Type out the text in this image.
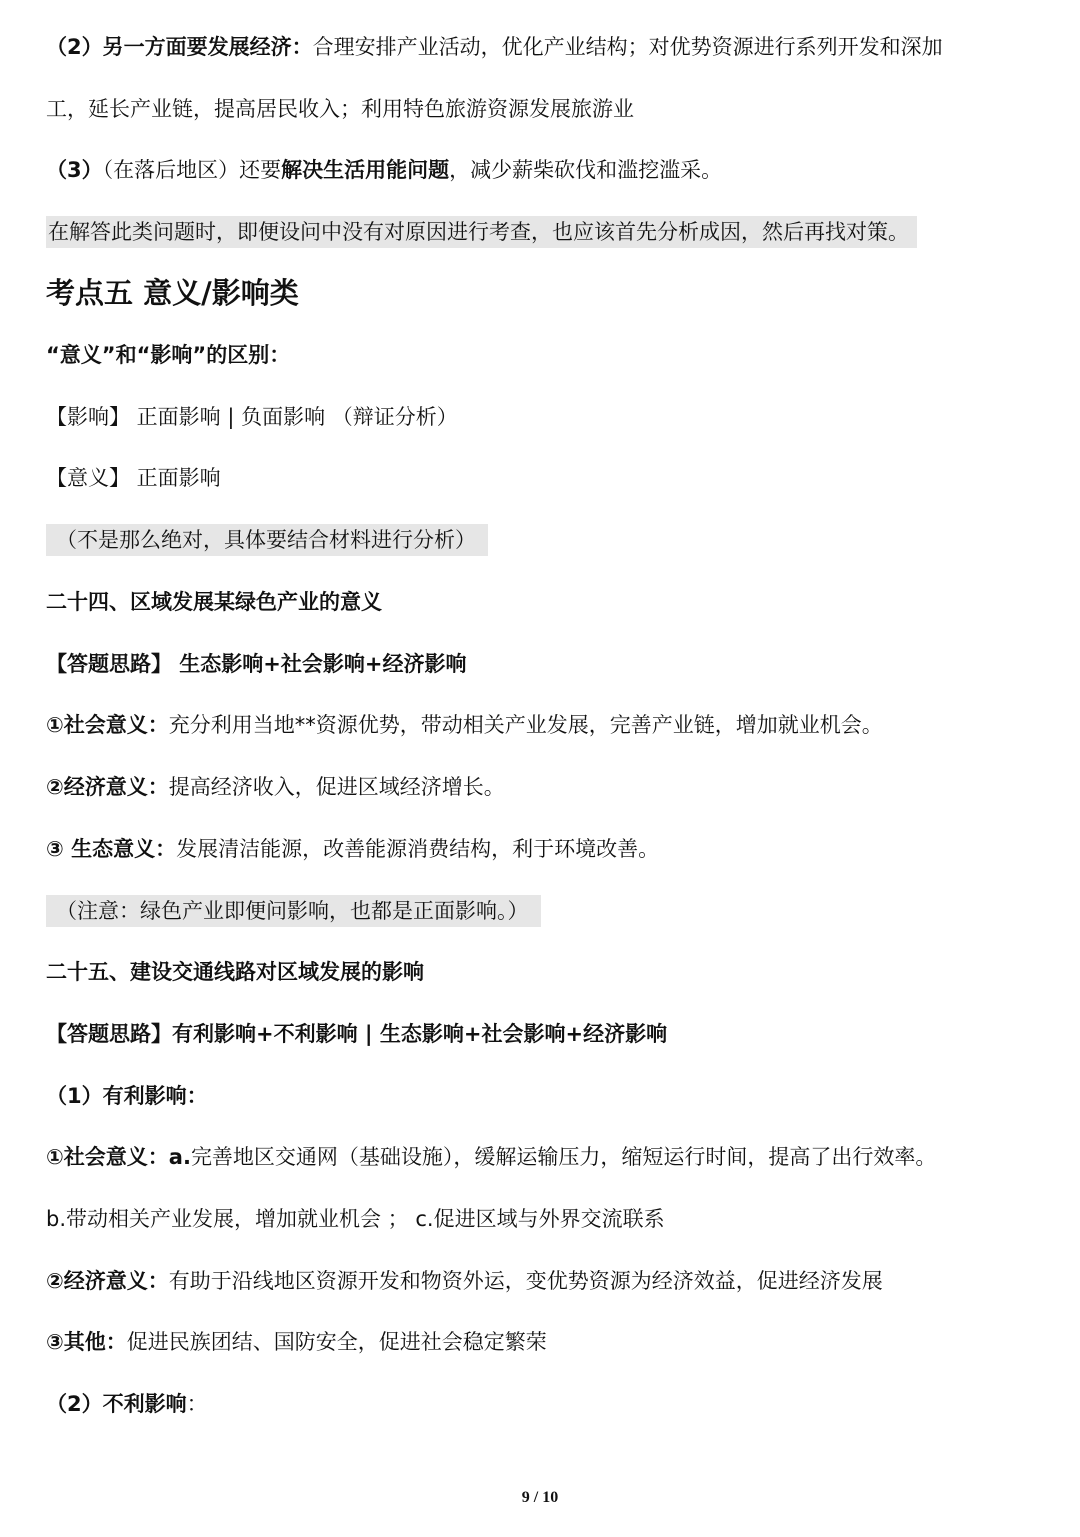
（2）另一方面要发展经济：合理安排产业活动，优化产业结构；对优势资源进行系列开发和深加
工，延长产业链，提高居民收入；利用特色旅游资源发展旅游业
（3）（在落后地区）还要解决生活用能问题，减少薪柴砍伐和滥挖滥采。
在解答此类问题时，即便设问中没有对原因进行考查，也应该首先分析成因，然后再找对策。
考点五 意义/影响类
“意义”和“影响”的区别：
【影响】 正面影响 | 负面影响 （辩证分析）
【意义】 正面影响
（不是那么绝对，具体要结合材料进行分析）
二十四、区域发展某绿色产业的意义
【答题思路】 生态影响+社会影响+经济影响
①社会意义：充分利用当地**资源优势，带动相关产业发展，完善产业链，增加就业机会。
②经济意义：提高经济收入，促进区域经济增长。
③ 生态意义：发展清洁能源，改善能源消费结构，利于环境改善。
（注意：绿色产业即便问影响，也都是正面影响。）
二十五、建设交通线路对区域发展的影响
【答题思路】有利影响+不利影响 | 生态影响+社会影响+经济影响
（1）有利影响：
①社会意义：a.完善地区交通网（基础设施），缓解运输压力，缩短运行时间，提高了出行效率。
b.带动相关产业发展，增加就业机会 ； c.促进区域与外界交流联系
②经济意义：有助于沿线地区资源开发和物资外运，变优势资源为经济效益，促进经济发展
③其他：促进民族团结、国防安全，促进社会稳定繁荣
（2）不利影响：
9 / 10
